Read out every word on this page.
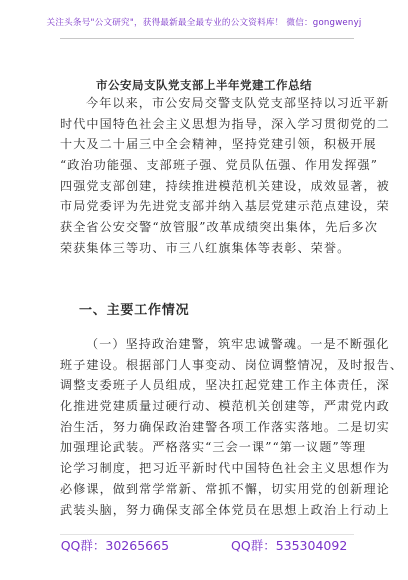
关注头条号"公文研究"，获得最新最全最专业的公文资料库！ 微信：gongwenyj
市公安局支队党支部上半年党建工作总结
今年以来，市公安局交警支队党支部坚持以习近平新
时代中国特色社会主义思想为指导，深入学习贯彻党的二
十大及二十届三中全会精神，坚持党建引领，积极开展
“政治功能强、支部班子强、党员队伍强、作用发挥强”
四强党支部创建，持续推进模范机关建设，成效显著，被
市局党委评为先进党支部并纳入基层党建示范点建设，荣
获全省公安交警“放管服”改革成绩突出集体，先后多次
荣获集体三等功、市三八红旗集体等表彰、荣誉。
一、主要工作情况
（一）坚持政治建警，筑牢忠诚警魂。一是不断强化
班子建设。根据部门人事变动、岗位调整情况，及时报告、
调整支委班子人员组成，坚决扛起党建工作主体责任，深
化推进党建质量过硬行动、模范机关创建等，严肃党内政
治生活，努力确保政治建警各项工作落实落地。二是切实
加强理论武装。严格落实“三会一课”“第一议题”等理
论学习制度，把习近平新时代中国特色社会主义思想作为
必修课，做到常学常新、常抓不懈，切实用党的创新理论
武装头脑，努力确保支部全体党员在思想上政治上行动上
QQ群：30265665	QQ群：535304092
